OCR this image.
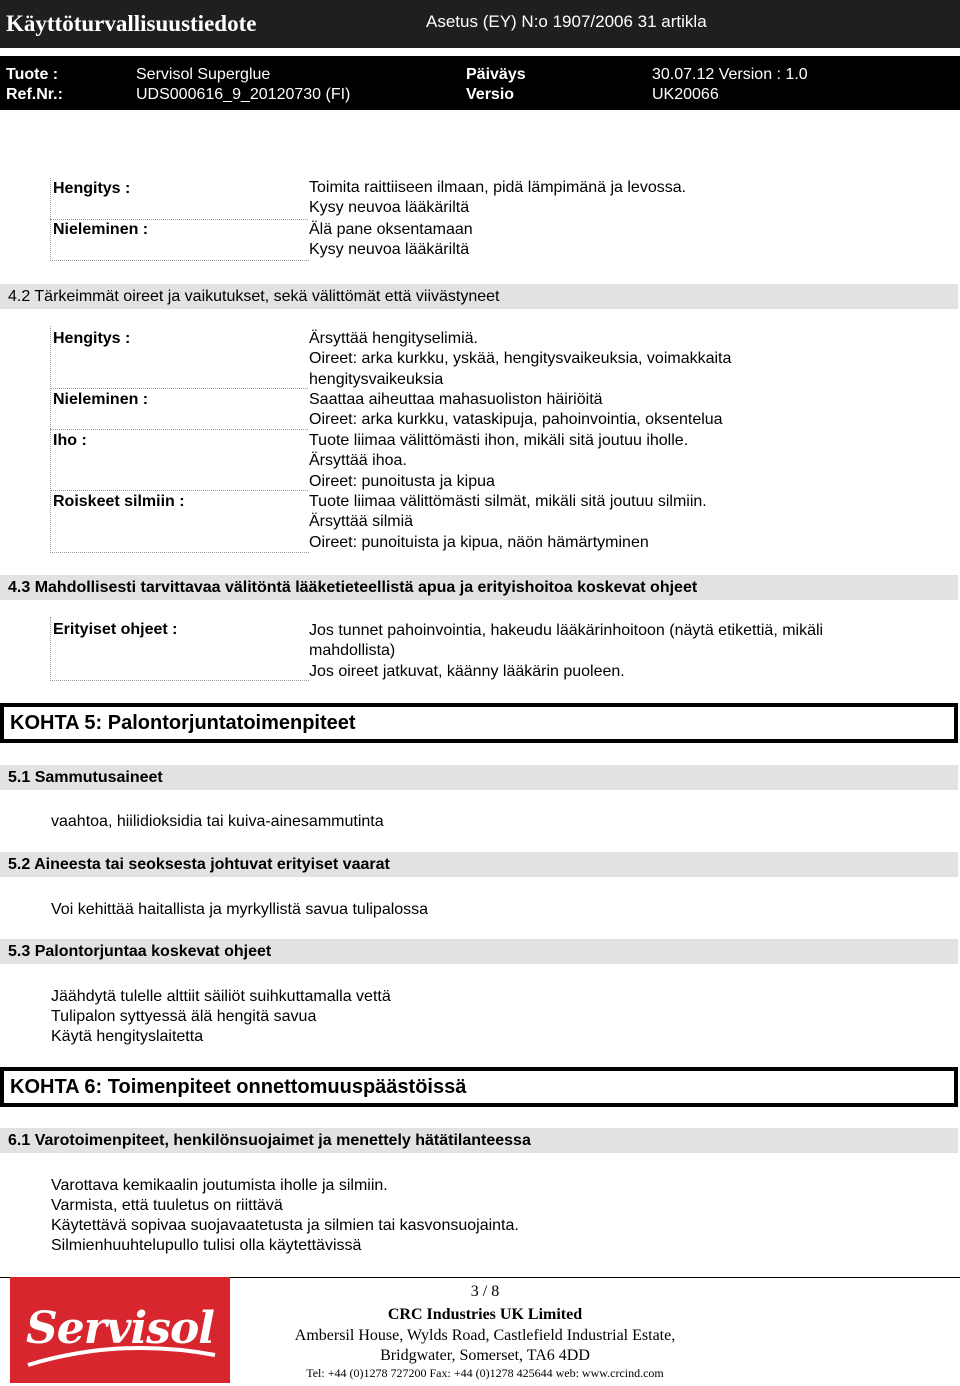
Käyttöturvallisuustiedote	Asetus (EY) N:o 1907/2006 31 artikla
Tuote :	Servisol Superglue	Päiväys	30.07.12 Version : 1.0
Ref.Nr.:	UDS000616_9_20120730 (FI)	Versio	UK20066
Hengitys :	Toimita raittiiseen ilmaan, pidä lämpimänä ja levossa.
Kysy neuvoa lääkäriltä
Nieleminen :	Älä pane oksentamaan
Kysy neuvoa lääkäriltä
4.2 Tärkeimmät oireet ja vaikutukset, sekä välittömät että viivästyneet
Hengitys :	Ärsyttää hengityselimiä.
Oireet: arka kurkku, yskää, hengitysvaikeuksia, voimakkaita
hengitysvaikeuksia
Nieleminen :	Saattaa aiheuttaa mahasuoliston häiriöitä
Oireet: arka kurkku, vataskipuja, pahoinvointia, oksentelua
Iho :	Tuote liimaa välittömästi ihon, mikäli sitä joutuu iholle.
Ärsyttää ihoa.
Oireet: punoitusta ja kipua
Roiskeet silmiin :	Tuote liimaa välittömästi silmät, mikäli sitä joutuu silmiin.
Ärsyttää silmiä
Oireet: punoituista ja kipua, näön hämärtyminen
4.3 Mahdollisesti tarvittavaa välitöntä lääketieteellistä apua ja erityishoitoa koskevat ohjeet
Erityiset ohjeet :	Jos tunnet pahoinvointia, hakeudu lääkärinhoitoon (näytä etikettiä, mikäli
mahdollista)
Jos oireet jatkuvat, käänny lääkärin puoleen.
KOHTA 5: Palontorjuntatoimenpiteet
5.1 Sammutusaineet
vaahtoa, hiilidioksidia tai kuiva-ainesammutinta
5.2 Aineesta tai seoksesta johtuvat erityiset vaarat
Voi kehittää haitallista ja myrkyllistä savua tulipalossa
5.3 Palontorjuntaa koskevat ohjeet
Jäähdytä tulelle alttiit säiliöt suihkuttamalla vettä
Tulipalon syttyessä älä hengitä savua
Käytä hengityslaitetta
KOHTA 6: Toimenpiteet onnettomuuspäästöissä
6.1 Varotoimenpiteet, henkilönsuojaimet ja menettely hätätilanteessa
Varottava kemikaalin joutumista iholle ja silmiin.
Varmista, että tuuletus on riittävä
Käytettävä sopivaa suojavaatetusta ja silmien tai kasvonsuojainta.
Silmienhuuhtelupullo tulisi olla käytettävissä
Servisol
3 / 8
CRC Industries UK Limited
Ambersil House, Wylds Road, Castlefield Industrial Estate,
Bridgwater, Somerset, TA6 4DD
Tel: +44 (0)1278 727200 Fax: +44 (0)1278 425644 web: www.crcind.com
